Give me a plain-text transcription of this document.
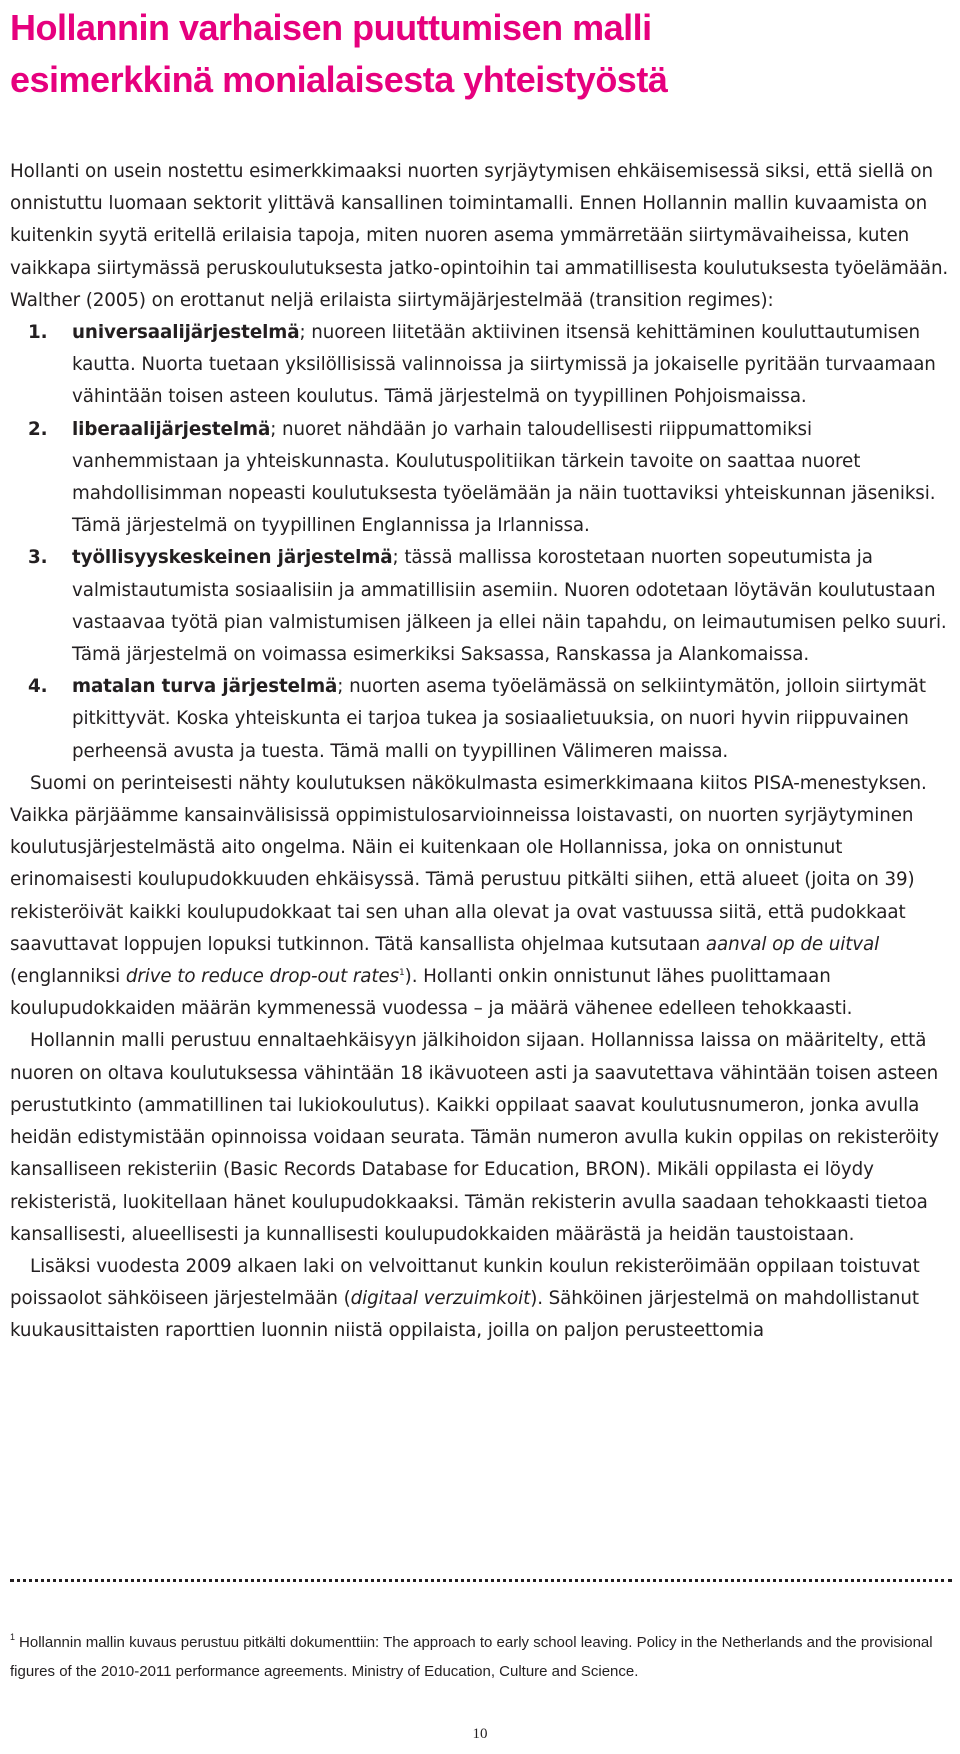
Hollannin varhaisen puuttumisen malli
esimerkkinä monialaisesta yhteistyöstä

Hollanti on usein nostettu esimerkkimaaksi nuorten syrjäytymisen ehkäisemisessä siksi, että siellä on onnistuttu luomaan sektorit ylittävä kansallinen toimintamalli. Ennen Hollannin mallin kuvaamista on kuitenkin syytä eritellä erilaisia tapoja, miten nuoren asema ymmärretään siirtymävaiheissa, kuten vaikkapa siirtymässä peruskoulutuksesta jatko-opintoihin tai ammatillisesta koulutuksesta työelämään. Walther (2005) on erottanut neljä erilaista siirtymäjärjestelmää (transition regimes):

1. universaalijärjestelmä; nuoreen liitetään aktiivinen itsensä kehittäminen kouluttautumisen kautta. Nuorta tuetaan yksilöllisissä valinnoissa ja siirtymissä ja jokaiselle pyritään turvaamaan vähintään toisen asteen koulutus. Tämä järjestelmä on tyypillinen Pohjoismaissa.
2. liberaalijärjestelmä; nuoret nähdään jo varhain taloudellisesti riippumattomiksi vanhemmistaan ja yhteiskunnasta. Koulutuspolitiikan tärkein tavoite on saattaa nuoret mahdollisimman nopeasti koulutuksesta työelämään ja näin tuottaviksi yhteiskunnan jäseniksi. Tämä järjestelmä on tyypillinen Englannissa ja Irlannissa.
3. työllisyyskeskeinen järjestelmä; tässä mallissa korostetaan nuorten sopeutumista ja valmistautumista sosiaalisiin ja ammatillisiin asemiin. Nuoren odotetaan löytävän koulutustaan vastaavaa työtä pian valmistumisen jälkeen ja ellei näin tapahdu, on leimautumisen pelko suuri. Tämä järjestelmä on voimassa esimerkiksi Saksassa, Ranskassa ja Alankomaissa.
4. matalan turva järjestelmä; nuorten asema työelämässä on selkiintymätön, jolloin siirtymät pitkittyvät. Koska yhteiskunta ei tarjoa tukea ja sosiaalietuuksia, on nuori hyvin riippuvainen perheensä avusta ja tuesta. Tämä malli on tyypillinen Välimeren maissa.

Suomi on perinteisesti nähty koulutuksen näkökulmasta esimerkkimaana kiitos PISA-menestyksen. Vaikka pärjäämme kansainvälisissä oppimistulosarvioinneissa loistavasti, on nuorten syrjäytyminen koulutusjärjestelmästä aito ongelma. Näin ei kuitenkaan ole Hollannissa, joka on onnistunut erinomaisesti koulupudokkuuden ehkäisyssä. Tämä perustuu pitkälti siihen, että alueet (joita on 39) rekisteröivät kaikki koulupudokkaat tai sen uhan alla olevat ja ovat vastuussa siitä, että pudokkaat saavuttavat loppujen lopuksi tutkinnon. Tätä kansallista ohjelmaa kutsutaan aanval op de uitval (englanniksi drive to reduce drop-out rates$^1$). Hollanti onkin onnistunut lähes puolittamaan koulupudokkaiden määrän kymmenessä vuodessa – ja määrä vähenee edelleen tehokkaasti.

Hollannin malli perustuu ennaltaehkäisyyn jälkihoidon sijaan. Hollannissa laissa on määritelty, että nuoren on oltava koulutuksessa vähintään 18 ikävuoteen asti ja saavutettava vähintään toisen asteen perustutkinto (ammatillinen tai lukiokoulutus). Kaikki oppilaat saavat koulutusnumeron, jonka avulla heidän edistymistään opinnoissa voidaan seurata. Tämän numeron avulla kukin oppilas on rekisteröity kansalliseen rekisteriin (Basic Records Database for Education, BRON). Mikäli oppilasta ei löydy rekisteristä, luokitellaan hänet koulupudokkaaksi. Tämän rekisterin avulla saadaan tehokkaasti tietoa kansallisesti, alueellisesti ja kunnallisesti koulupudokkaiden määrästä ja heidän taustoistaan.

Lisäksi vuodesta 2009 alkaen laki on velvoittanut kunkin koulun rekisteröimään oppilaan toistuvat poissaolot sähköiseen järjestelmään (digitaal verzuimkoit). Sähköinen järjestelmä on mahdollistanut kuukausittaisten raporttien luonnin niistä oppilaista, joilla on paljon perusteettomia

$^1$ Hollannin mallin kuvaus perustuu pitkälti dokumenttiin: The approach to early school leaving. Policy in the Netherlands and the provisional figures of the 2010-2011 performance agreements. Ministry of Education, Culture and Science.
10
